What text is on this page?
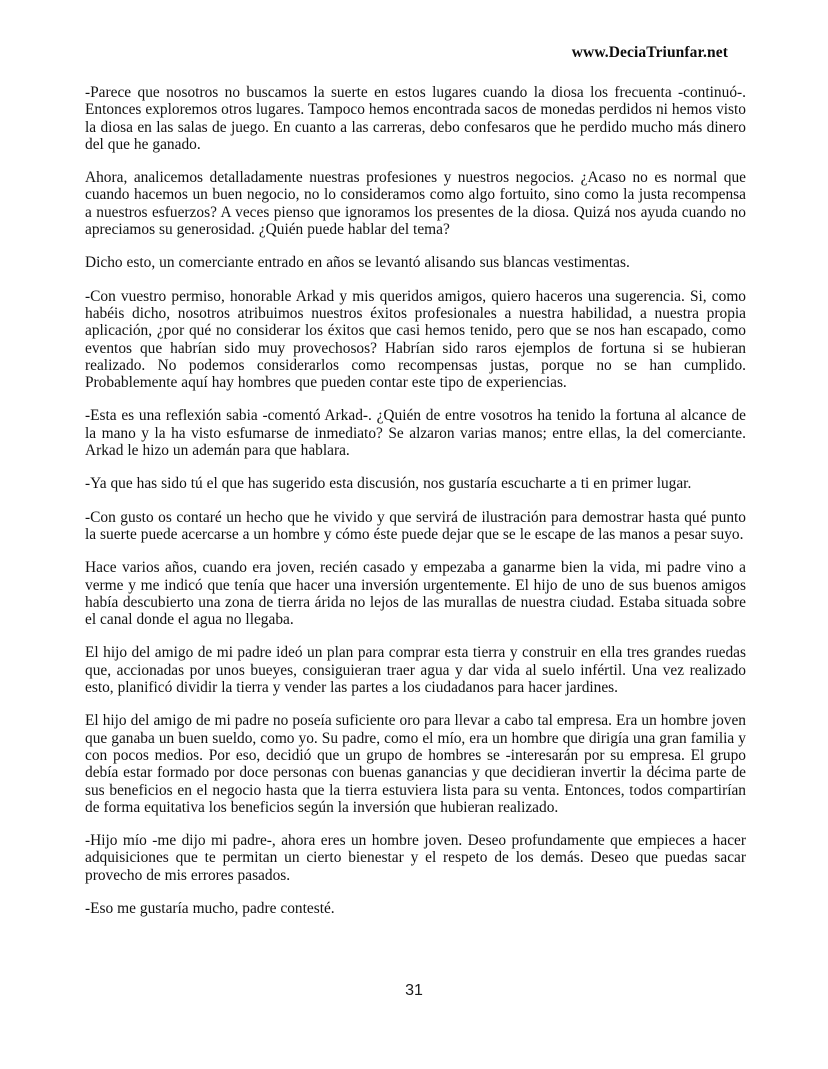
www.DeciaTriunfar.net

-Parece que nosotros no buscamos la suerte en estos lugares cuando la diosa los frecuenta -continuó-. Entonces exploremos otros lugares. Tampoco hemos encontrada sacos de monedas perdidos ni hemos visto la diosa en las salas de juego. En cuanto a las carreras, debo confesaros que he perdido mucho más dinero del que he ganado.

Ahora, analicemos detalladamente nuestras profesiones y nuestros negocios. ¿Acaso no es normal que cuando hacemos un buen negocio, no lo consideramos como algo fortuito, sino como la justa recompensa a nuestros esfuerzos? A veces pienso que ignoramos los presentes de la diosa. Quizá nos ayuda cuando no apreciamos su generosidad. ¿Quién puede hablar del tema?

Dicho esto, un comerciante entrado en años se levantó alisando sus blancas vestimentas.

-Con vuestro permiso, honorable Arkad y mis queridos amigos, quiero haceros una sugerencia. Si, como habéis dicho, nosotros atribuimos nuestros éxitos profesionales a nuestra habilidad, a nuestra propia aplicación, ¿por qué no considerar los éxitos que casi hemos tenido, pero que se nos han escapado, como eventos que habrían sido muy provechosos? Habrían sido raros ejemplos de fortuna si se hubieran realizado. No podemos considerarlos como recompensas justas, porque no se han cumplido. Probablemente aquí hay hombres que pueden contar este tipo de experiencias.

-Esta es una reflexión sabia -comentó Arkad-. ¿Quién de entre vosotros ha tenido la fortuna al alcance de la mano y la ha visto esfumarse de inmediato? Se alzaron varias manos; entre ellas, la del comerciante. Arkad le hizo un ademán para que hablara.

-Ya que has sido tú el que has sugerido esta discusión, nos gustaría escucharte a ti en primer lugar.

-Con gusto os contaré un hecho que he vivido y que servirá de ilustración para demostrar hasta qué punto la suerte puede acercarse a un hombre y cómo éste puede dejar que se le escape de las manos a pesar suyo.

Hace varios años, cuando era joven, recién casado y empezaba a ganarme bien la vida, mi padre vino a verme y me indicó que tenía que hacer una inversión urgentemente. El hijo de uno de sus buenos amigos había descubierto una zona de tierra árida no lejos de las murallas de nuestra ciudad. Estaba situada sobre el canal donde el agua no llegaba.

El hijo del amigo de mi padre ideó un plan para comprar esta tierra y construir en ella tres grandes ruedas que, accionadas por unos bueyes, consiguieran traer agua y dar vida al suelo infértil. Una vez realizado esto, planificó dividir la tierra y vender las partes a los ciudadanos para hacer jardines.

El hijo del amigo de mi padre no poseía suficiente oro para llevar a cabo tal empresa. Era un hombre joven que ganaba un buen sueldo, como yo. Su padre, como el mío, era un hombre que dirigía una gran familia y con pocos medios. Por eso, decidió que un grupo de hombres se -interesarán por su empresa. El grupo debía estar formado por doce personas con buenas ganancias y que decidieran invertir la décima parte de sus beneficios en el negocio hasta que la tierra estuviera lista para su venta. Entonces, todos compartirían de forma equitativa los beneficios según la inversión que hubieran realizado.

-Hijo mío -me dijo mi padre-, ahora eres un hombre joven. Deseo profundamente que empieces a hacer adquisiciones que te permitan un cierto bienestar y el respeto de los demás. Deseo que puedas sacar provecho de mis errores pasados.

-Eso me gustaría mucho, padre contesté.

31
